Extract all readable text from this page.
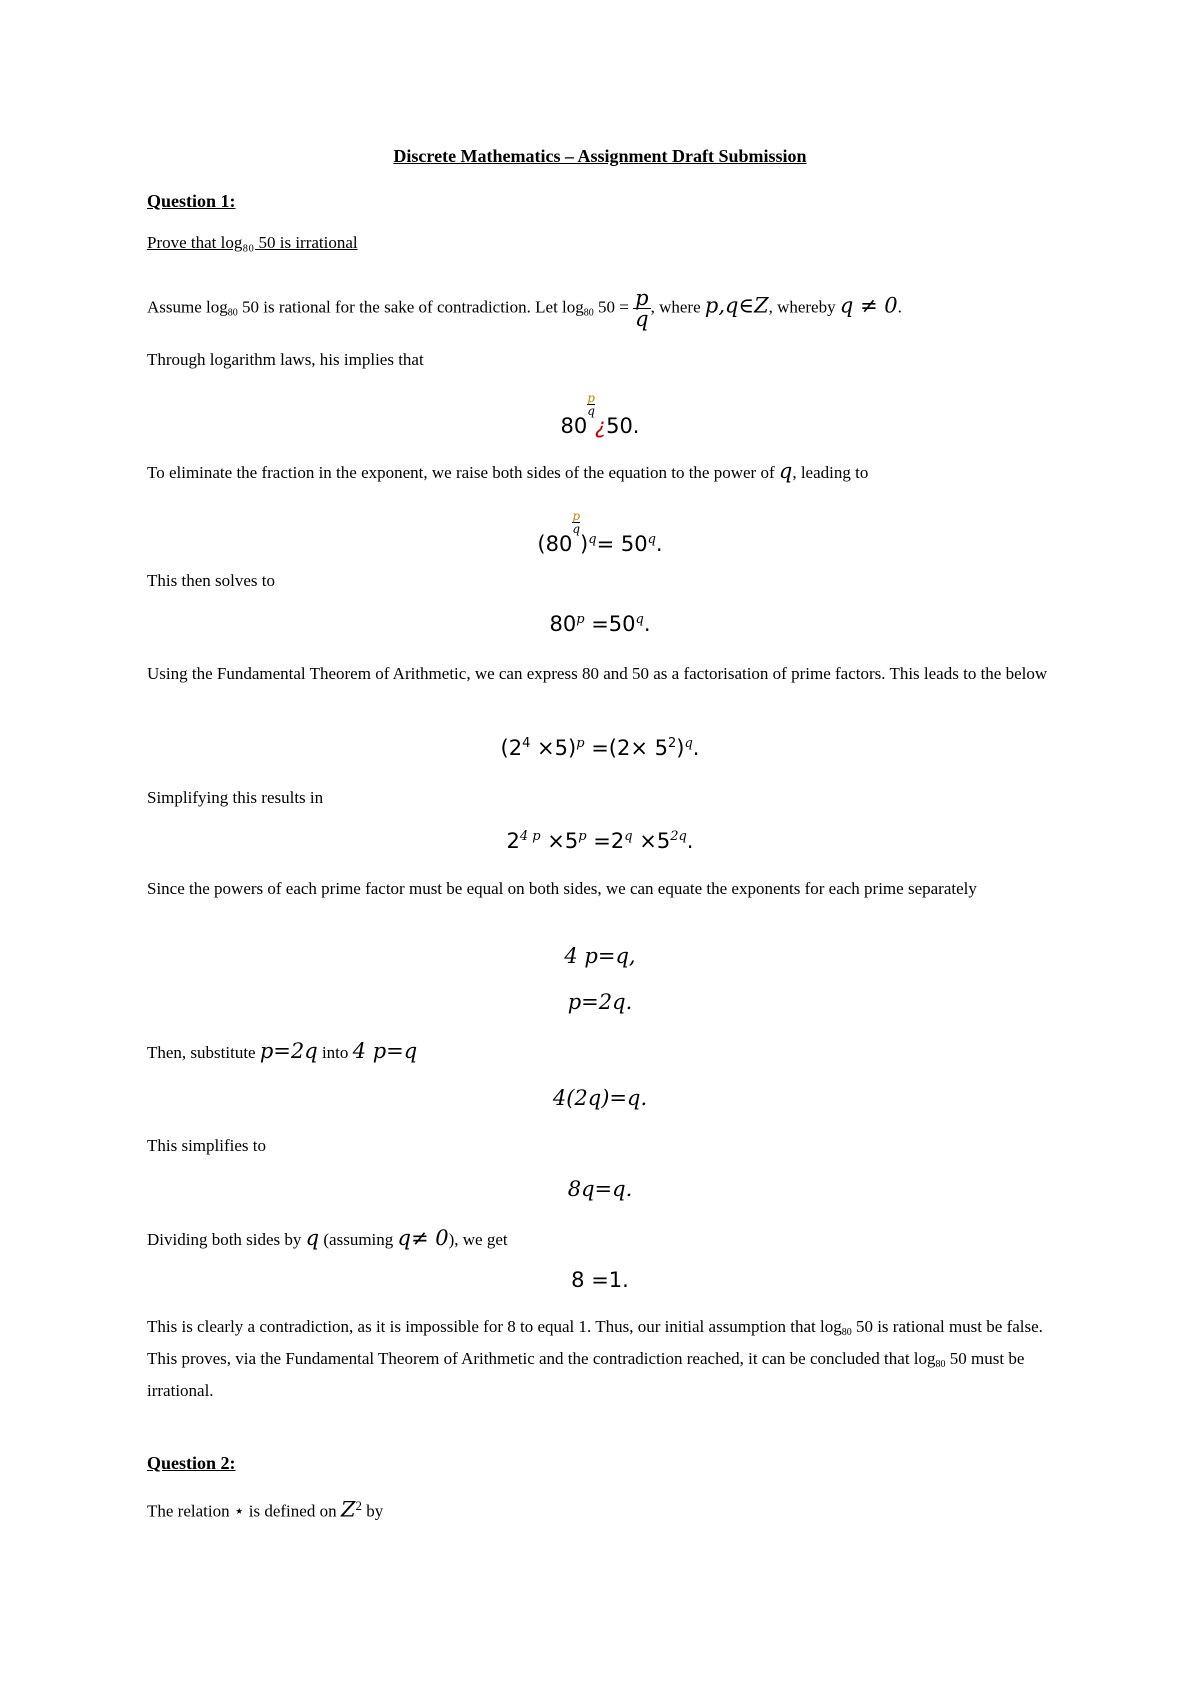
Discrete Mathematics – Assignment Draft Submission

Question 1:

Prove that log₈₀ 50 is irrational

Assume $\log_{80} 50$ is rational for the sake of contradiction. Let $\log_{80} 50 = \frac{p}{q}$ , where p,q∈Z, whereby q ≠ 0.

Through logarithm laws, his implies that

80
$\frac{p}{q}$
¿50.

To eliminate the fraction in the exponent, we raise both sides of the equation to the power of q, leading to

(80
$\frac{p}{q}$
)$^q= 50^q$.

This then solves to

$80^p =50^q$.

Using the Fundamental Theorem of Arithmetic, we can express 80 and 50 as a factorisation of prime factors. This leads to the below

$(2^4 \times 5)^p =(2\times 5^2)^q$.

Simplifying this results in

$2^{4 p} \times 5^p =2^q \times 5^{2q}$.

Since the powers of each prime factor must be equal on both sides, we can equate the exponents for each prime separately

4 p=q,

p=2q.

Then, substitute p=2q into 4 p=q

4(2q)=q.

This simplifies to

8q=q.

Dividing both sides by q (assuming q≠ 0), we get

8 =1.

This is clearly a contradiction, as it is impossible for 8 to equal 1. Thus, our initial assumption that $\log_{80} 50$ is rational must be false. This proves, via the Fundamental Theorem of Arithmetic and the contradiction reached, it can be concluded that $\log_{80} 50$ must be irrational.

Question 2:

The relation ⋆ is defined on $Z^2$ by
